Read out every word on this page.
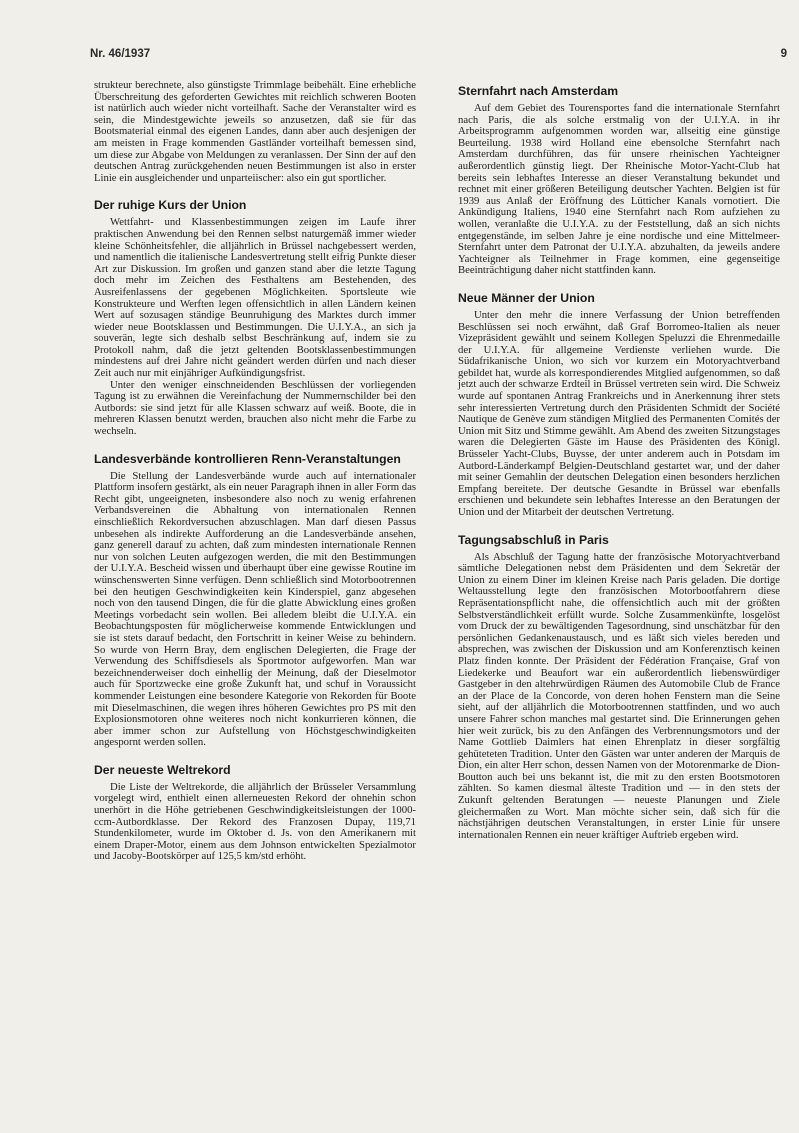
Nr. 46/1937	9

strukteur berechnete, also günstigste Trimmlage beibehält. Eine erhebliche Überschreitung des geforderten Gewichtes mit reichlich schweren Booten ist natürlich auch wieder nicht vorteilhaft. Sache der Veranstalter wird es sein, die Mindestgewichte jeweils so anzusetzen, daß sie für das Bootsmaterial einmal des eigenen Landes, dann aber auch desjenigen der am meisten in Frage kommenden Gastländer vorteilhaft bemessen sind, um diese zur Abgabe von Meldungen zu veranlassen. Der Sinn der auf den deutschen Antrag zurückgehenden neuen Bestimmungen ist also in erster Linie ein ausgleichender und unparteiischer: also ein gut sportlicher.

Der ruhige Kurs der Union

Wettfahrt- und Klassenbestimmungen zeigen im Laufe ihrer praktischen Anwendung bei den Rennen selbst naturgemäß immer wieder kleine Schönheitsfehler, die alljährlich in Brüssel nachgebessert werden, und namentlich die italienische Landesvertretung stellt eifrig Punkte dieser Art zur Diskussion. Im großen und ganzen stand aber die letzte Tagung doch mehr im Zeichen des Festhaltens am Bestehenden, des Ausreifenlassens der gegebenen Möglichkeiten. Sportsleute wie Konstrukteure und Werften legen offensichtlich in allen Ländern keinen Wert auf sozusagen ständige Beunruhigung des Marktes durch immer wieder neue Bootsklassen und Bestimmungen. Die U.I.Y.A., an sich ja souverän, legte sich deshalb selbst Beschränkung auf, indem sie zu Protokoll nahm, daß die jetzt geltenden Bootsklassenbestimmungen mindestens auf drei Jahre nicht geändert werden dürfen und nach dieser Zeit auch nur mit einjähriger Aufkündigungsfrist.

Unter den weniger einschneidenden Beschlüssen der vorliegenden Tagung ist zu erwähnen die Vereinfachung der Nummernschilder bei den Autbords: sie sind jetzt für alle Klassen schwarz auf weiß. Boote, die in mehreren Klassen benutzt werden, brauchen also nicht mehr die Farbe zu wechseln.

Landesverbände kontrollieren Renn-Veranstaltungen

Die Stellung der Landesverbände wurde auch auf internationaler Plattform insofern gestärkt, als ein neuer Paragraph ihnen in aller Form das Recht gibt, ungeeigneten, insbesondere also noch zu wenig erfahrenen Verbandsvereinen die Abhaltung von internationalen Rennen einschließlich Rekordversuchen abzuschlagen. Man darf diesen Passus unbesehen als indirekte Aufforderung an die Landesverbände ansehen, ganz generell darauf zu achten, daß zum mindesten internationale Rennen nur von solchen Leuten aufgezogen werden, die mit den Bestimmungen der U.I.Y.A. Bescheid wissen und überhaupt über eine gewisse Routine im wünschenswerten Sinne verfügen. Denn schließlich sind Motorbootrennen bei den heutigen Geschwindigkeiten kein Kinderspiel, ganz abgesehen noch von den tausend Dingen, die für die glatte Abwicklung eines großen Meetings vorbedacht sein wollen. Bei alledem bleibt die U.I.Y.A. ein Beobachtungsposten für möglicherweise kommende Entwicklungen und sie ist stets darauf bedacht, den Fortschritt in keiner Weise zu behindern. So wurde von Herrn Bray, dem englischen Delegierten, die Frage der Verwendung des Schiffsdiesels als Sportmotor aufgeworfen. Man war bezeichnenderweiser doch einhellig der Meinung, daß der Dieselmotor auch für Sportzwecke eine große Zukunft hat, und schuf in Voraussicht kommender Leistungen eine besondere Kategorie von Rekorden für Boote mit Dieselmaschinen, die wegen ihres höheren Gewichtes pro PS mit den Explosionsmotoren ohne weiteres noch nicht konkurrieren können, die aber immer schon zur Aufstellung von Höchstgeschwindigkeiten angespornt werden sollen.

Der neueste Weltrekord

Die Liste der Weltrekorde, die alljährlich der Brüsseler Versammlung vorgelegt wird, enthielt einen allerneuesten Rekord der ohnehin schon unerhört in die Höhe getriebenen Geschwindigkeitsleistungen der 1000-ccm-Autbordklasse. Der Rekord des Franzosen Dupay, 119,71 Stundenkilometer, wurde im Oktober d. Js. von den Amerikanern mit einem Draper-Motor, einem aus dem Johnson entwickelten Spezialmotor und Jacoby-Bootskörper auf 125,5 km/std erhöht.

Sternfahrt nach Amsterdam

Auf dem Gebiet des Tourensportes fand die internationale Sternfahrt nach Paris, die als solche erstmalig von der U.I.Y.A. in ihr Arbeitsprogramm aufgenommen worden war, allseitig eine günstige Beurteilung. 1938 wird Holland eine ebensolche Sternfahrt nach Amsterdam durchführen, das für unsere rheinischen Yachteigner außerordentlich günstig liegt. Der Rheinische Motor-Yacht-Club hat bereits sein lebhaftes Interesse an dieser Veranstaltung bekundet und rechnet mit einer größeren Beteiligung deutscher Yachten. Belgien ist für 1939 aus Anlaß der Eröffnung des Lütticher Kanals vornotiert. Die Ankündigung Italiens, 1940 eine Sternfahrt nach Rom aufziehen zu wollen, veranlaßte die U.I.Y.A. zu der Feststellung, daß an sich nichts entgegenstände, im selben Jahre je eine nordische und eine Mittelmeer-Sternfahrt unter dem Patronat der U.I.Y.A. abzuhalten, da jeweils andere Yachteigner als Teilnehmer in Frage kommen, eine gegenseitige Beeinträchtigung daher nicht stattfinden kann.

Neue Männer der Union

Unter den mehr die innere Verfassung der Union betreffenden Beschlüssen sei noch erwähnt, daß Graf Borromeo-Italien als neuer Vizepräsident gewählt und seinem Kollegen Speluzzi die Ehrenmedaille der U.I.Y.A. für allgemeine Verdienste verliehen wurde. Die Südafrikanische Union, wo sich vor kurzem ein Motoryachtverband gebildet hat, wurde als korrespondierendes Mitglied aufgenommen, so daß jetzt auch der schwarze Erdteil in Brüssel vertreten sein wird. Die Schweiz wurde auf spontanen Antrag Frankreichs und in Anerkennung ihrer stets sehr interessierten Vertretung durch den Präsidenten Schmidt der Société Nautique de Genève zum ständigen Mitglied des Permanenten Comités der Union mit Sitz und Stimme gewählt. Am Abend des zweiten Sitzungstages waren die Delegierten Gäste im Hause des Präsidenten des Königl. Brüsseler Yacht-Clubs, Buysse, der unter anderem auch in Potsdam im Autbord-Länderkampf Belgien-Deutschland gestartet war, und der daher mit seiner Gemahlin der deutschen Delegation einen besonders herzlichen Empfang bereitete. Der deutsche Gesandte in Brüssel war ebenfalls erschienen und bekundete sein lebhaftes Interesse an den Beratungen der Union und der Mitarbeit der deutschen Vertretung.

Tagungsabschluß in Paris

Als Abschluß der Tagung hatte der französische Motoryachtverband sämtliche Delegationen nebst dem Präsidenten und dem Sekretär der Union zu einem Diner im kleinen Kreise nach Paris geladen. Die dortige Weltausstellung legte den französischen Motorbootfahrern diese Repräsentationspflicht nahe, die offensichtlich auch mit der größten Selbstverständlichkeit erfüllt wurde. Solche Zusammenkünfte, losgelöst vom Druck der zu bewältigenden Tagesordnung, sind unschätzbar für den persönlichen Gedankenaustausch, und es läßt sich vieles bereden und absprechen, was zwischen der Diskussion und am Konferenztisch keinen Platz finden konnte. Der Präsident der Fédération Française, Graf von Liedekerke und Beaufort war ein außerordentlich liebenswürdiger Gastgeber in den altehrwürdigen Räumen des Automobile Club de France an der Place de la Concorde, von deren hohen Fenstern man die Seine sieht, auf der alljährlich die Motorbootrennen stattfinden, und wo auch unsere Fahrer schon manches mal gestartet sind. Die Erinnerungen gehen hier weit zurück, bis zu den Anfängen des Verbrennungsmotors und der Name Gottlieb Daimlers hat einen Ehrenplatz in dieser sorgfältig gehüteteten Tradition. Unter den Gästen war unter anderen der Marquis de Dion, ein alter Herr schon, dessen Namen von der Motorenmarke de Dion-Boutton auch bei uns bekannt ist, die mit zu den ersten Bootsmotoren zählten. So kamen diesmal älteste Tradition und — in den stets der Zukunft geltenden Beratungen — neueste Planungen und Ziele gleichermaßen zu Wort. Man möchte sicher sein, daß sich für die nächstjährigen deutschen Veranstaltungen, in erster Linie für unsere internationalen Rennen ein neuer kräftiger Auftrieb ergeben wird.
